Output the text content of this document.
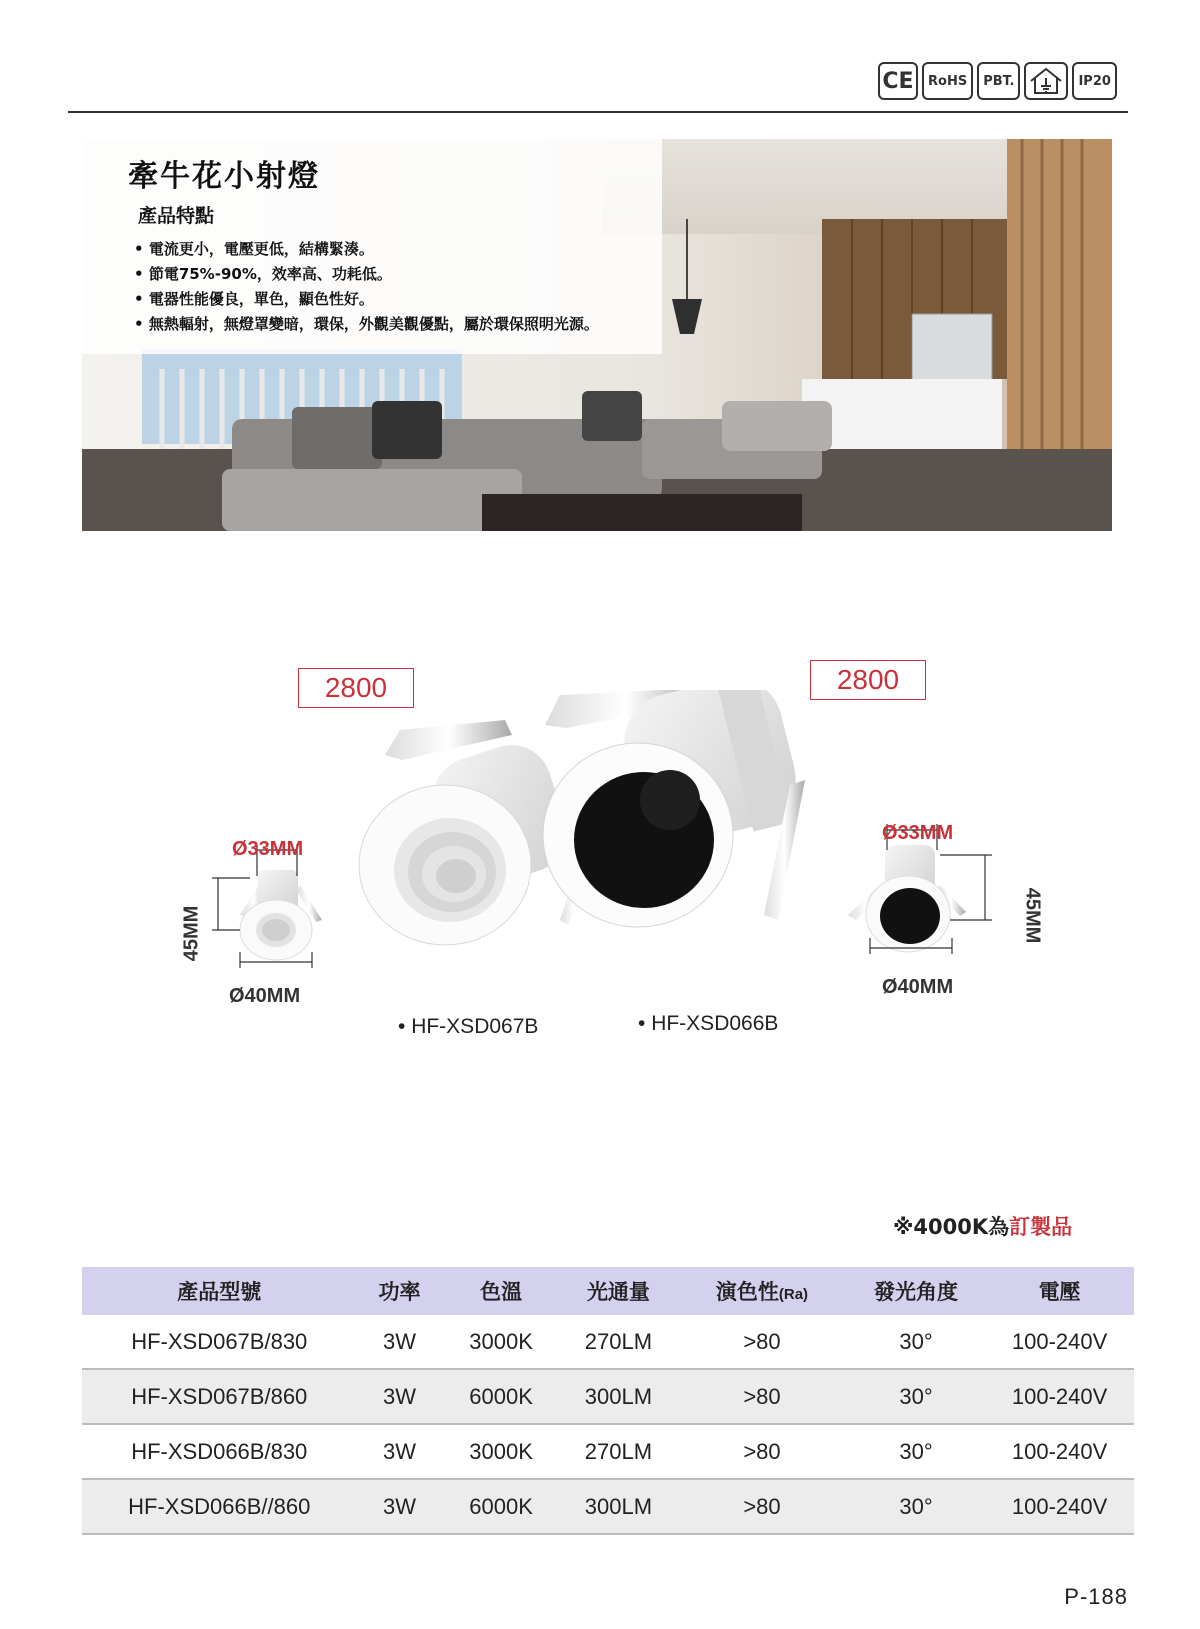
CE	RoHS	PBT.	IP20
牽牛花小射燈
產品特點
• 電流更小，電壓更低，結構緊湊。
• 節電75%-90%，效率高、功耗低。
• 電器性能優良，單色，顯色性好。
• 無熱輻射，無燈罩變暗，環保，外觀美觀優點，屬於環保照明光源。
2800	2800
Ø33MM
45MM
Ø40MM
Ø33MM
45MM
Ø40MM
• HF-XSD067B	• HF-XSD066B
※4000K為訂製品
產品型號	功率	色溫	光通量	演色性(Ra)	發光角度	電壓
HF-XSD067B/830	3W	3000K	270LM	>80	30°	100-240V
HF-XSD067B/860	3W	6000K	300LM	>80	30°	100-240V
HF-XSD066B/830	3W	3000K	270LM	>80	30°	100-240V
HF-XSD066B//860	3W	6000K	300LM	>80	30°	100-240V
P-188
